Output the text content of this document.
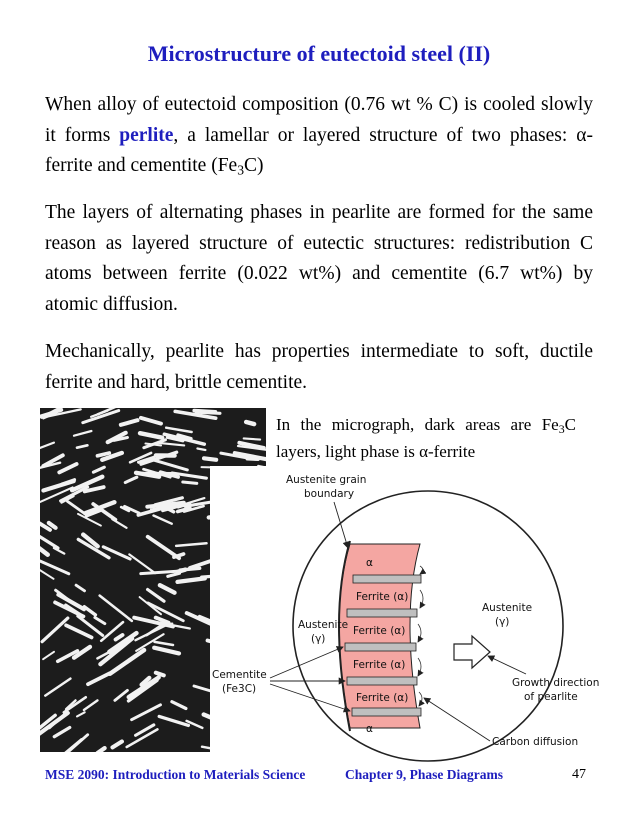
Microstructure of eutectoid steel (II)
When alloy of eutectoid composition (0.76 wt % C) is cooled slowly it forms perlite, a lamellar or layered structure of two phases: α-ferrite and cementite $(Fe_3C)$
The layers of alternating phases in pearlite are formed for the same reason as layered structure of eutectic structures: redistribution C atoms between ferrite (0.022 wt%) and cementite (6.7 wt%) by atomic diffusion.
Mechanically, pearlite has properties intermediate to soft, ductile ferrite and hard, brittle cementite.
In the micrograph, dark areas are $Fe_3C$ layers, light phase is α-ferrite
α
Ferrite (α)
Ferrite (α)
Ferrite (α)
Ferrite (α)
α
Austenite grain
boundary
Austenite
(γ)
Austenite
(γ)
Cementite
(Fe3C)	Growth direction
of pearlite
Carbon diffusion
MSE 2090: Introduction to Materials Science	Chapter 9, Phase Diagrams	47
